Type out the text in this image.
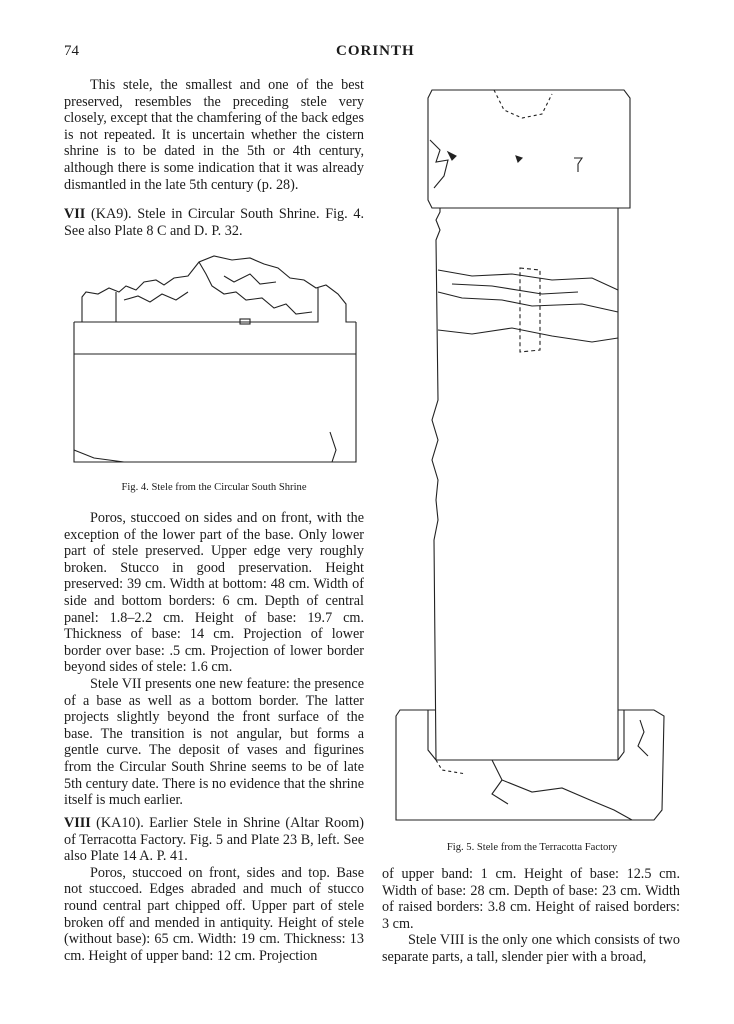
74	CORINTH

This stele, the smallest and one of the best preserved, resembles the preceding stele very closely, except that the chamfering of the back edges is not repeated. It is uncertain whether the cistern shrine is to be dated in the 5th or 4th century, although there is some indication that it was already dismantled in the late 5th century (p. 28).

VII (KA9). Stele in Circular South Shrine. Fig. 4. See also Plate 8 C and D. P. 32.

Fig. 4. Stele from the Circular South Shrine

Poros, stuccoed on sides and on front, with the exception of the lower part of the base. Only lower part of stele preserved. Upper edge very roughly broken. Stucco in good preservation. Height preserved: 39 cm. Width at bottom: 48 cm. Width of side and bottom borders: 6 cm. Depth of central panel: 1.8–2.2 cm. Height of base: 19.7 cm. Thickness of base: 14 cm. Projection of lower border over base: .5 cm. Projection of lower border beyond sides of stele: 1.6 cm.

Stele VII presents one new feature: the presence of a base as well as a bottom border. The latter projects slightly beyond the front surface of the base. The transition is not angular, but forms a gentle curve. The deposit of vases and figurines from the Circular South Shrine seems to be of late 5th century date. There is no evidence that the shrine itself is much earlier.

VIII (KA10). Earlier Stele in Shrine (Altar Room) of Terracotta Factory. Fig. 5 and Plate 23 B, left. See also Plate 14 A. P. 41.

Poros, stuccoed on front, sides and top. Base not stuccoed. Edges abraded and much of stucco round central part chipped off. Upper part of stele broken off and mended in antiquity. Height of stele (without base): 65 cm. Width: 19 cm. Thickness: 13 cm. Height of upper band: 12 cm. Projection

Fig. 5. Stele from the Terracotta Factory

of upper band: 1 cm. Height of base: 12.5 cm. Width of base: 28 cm. Depth of base: 23 cm. Width of raised borders: 3.8 cm. Height of raised borders: 3 cm.

Stele VIII is the only one which consists of two separate parts, a tall, slender pier with a broad,
